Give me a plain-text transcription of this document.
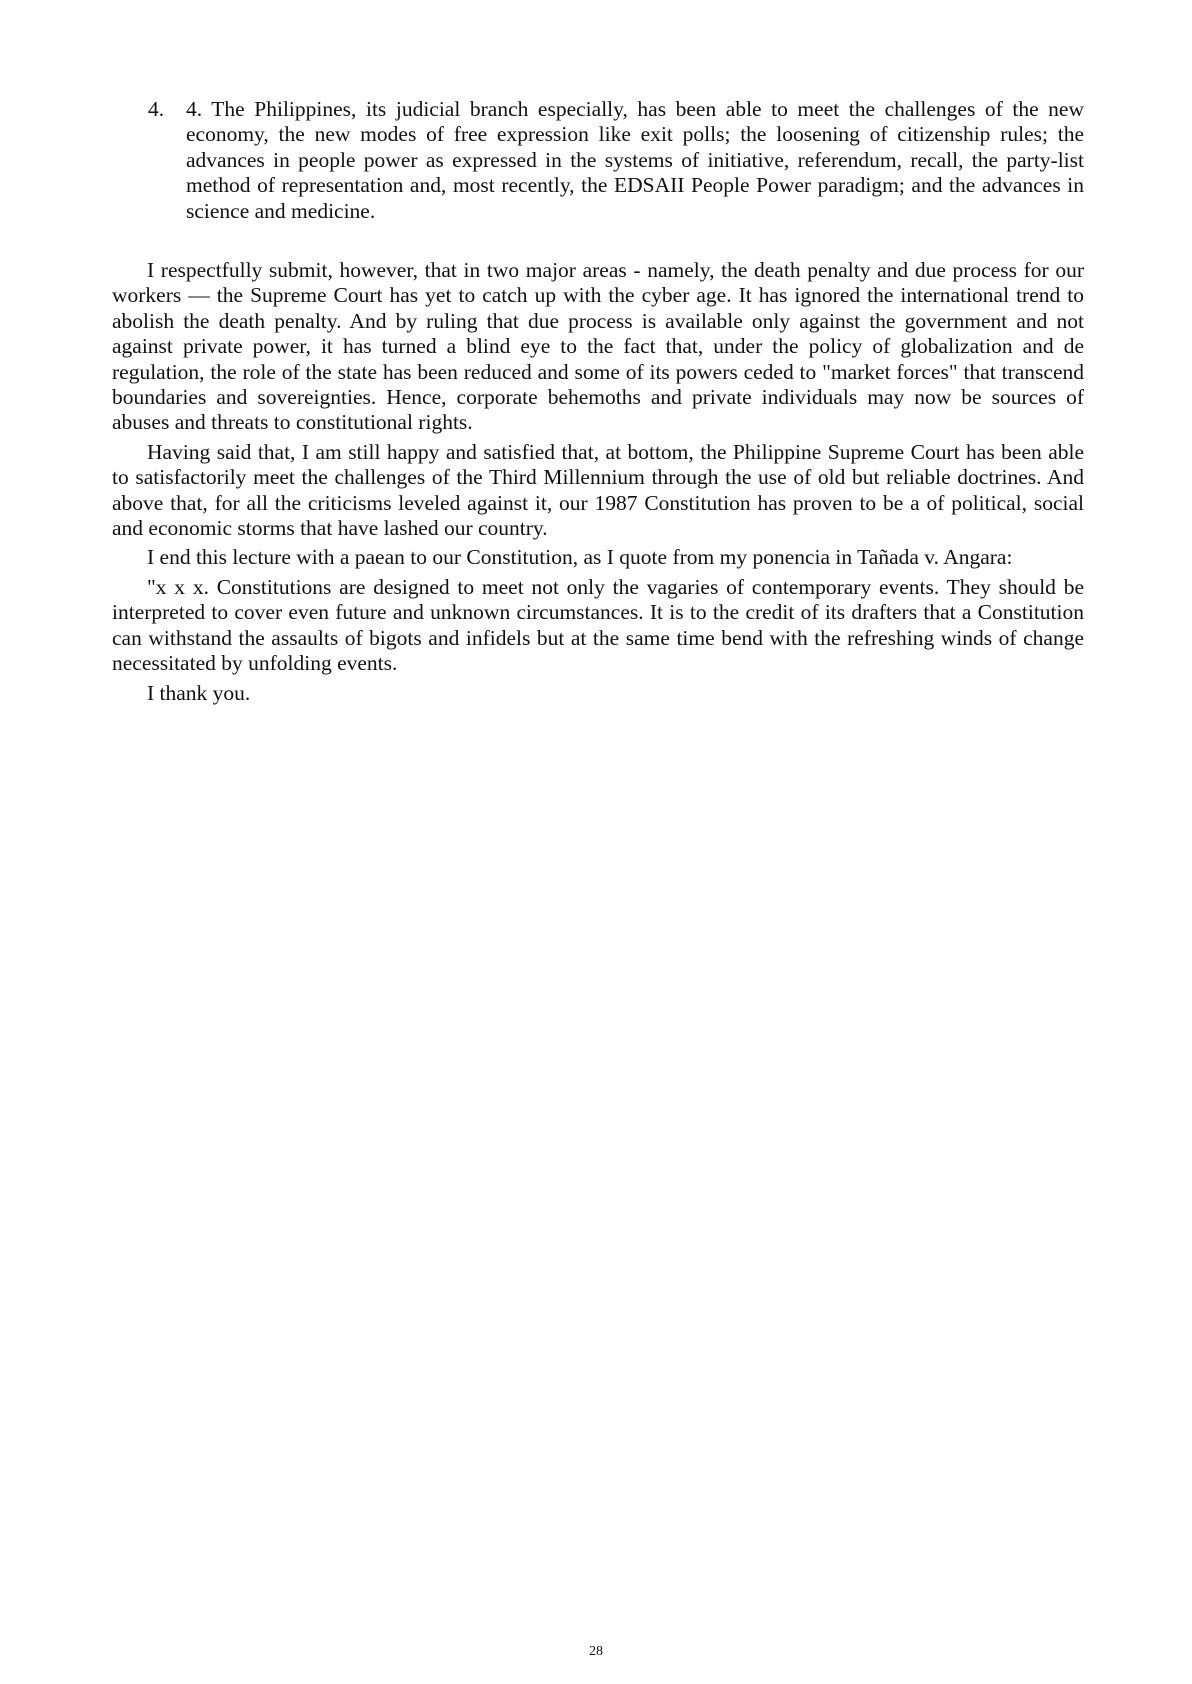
4. 4. The Philippines, its judicial branch especially, has been able to meet the challenges of the new economy, the new modes of free expression like exit polls; the loosening of citizenship rules; the advances in people power as expressed in the systems of initiative, referendum, recall, the party-list method of representation and, most recently, the EDSAII People Power paradigm; and the advances in science and medicine.

I respectfully submit, however, that in two major areas - namely, the death penalty and due process for our workers — the Supreme Court has yet to catch up with the cyber age. It has ignored the international trend to abolish the death penalty. And by ruling that due process is available only against the government and not against private power, it has turned a blind eye to the fact that, under the policy of globalization and de regulation, the role of the state has been reduced and some of its powers ceded to "market forces" that transcend boundaries and sovereignties. Hence, corporate behemoths and private individuals may now be sources of abuses and threats to constitutional rights.

Having said that, I am still happy and satisfied that, at bottom, the Philippine Supreme Court has been able to satisfactorily meet the challenges of the Third Millennium through the use of old but reliable doctrines. And above that, for all the criticisms leveled against it, our 1987 Constitution has proven to be a of political, social and economic storms that have lashed our country.

I end this lecture with a paean to our Constitution, as I quote from my ponencia in Tañada v. Angara:

"x x x. Constitutions are designed to meet not only the vagaries of contemporary events. They should be interpreted to cover even future and unknown circumstances. It is to the credit of its drafters that a Constitution can withstand the assaults of bigots and infidels but at the same time bend with the refreshing winds of change necessitated by unfolding events.

I thank you.

28
